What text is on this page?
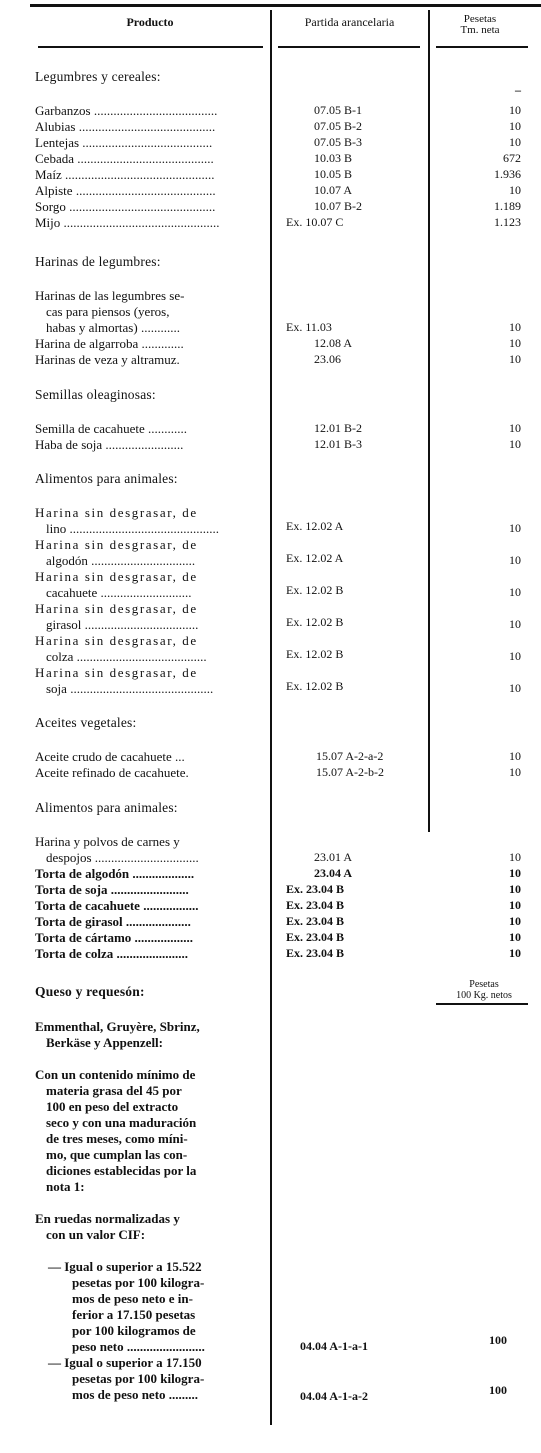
Producto	Partida arancelaria	Pesetas
Tm. neta
Legumbres y cereales:
–
Garbanzos ......................................	07.05 B-1	10
Alubias ..........................................	07.05 B-2	10
Lentejas ........................................	07.05 B-3	10
Cebada ..........................................	10.03 B	672
Maíz ..............................................	10.05 B	1.936
Alpiste ...........................................	10.07 A	10
Sorgo .............................................	10.07 B-2	1.189
Mijo ................................................	Ex. 10.07 C	1.123
Harinas de legumbres:
Harinas de las legumbres se-
cas para piensos (yeros,
habas y almortas) ............	Ex. 11.03	10
Harina de algarroba .............	12.08 A	10
Harinas de veza y altramuz.	23.06	10
Semillas oleaginosas:
Semilla de cacahuete ............	12.01 B-2	10
Haba de soja ........................	12.01 B-3	10
Alimentos para animales:
Harina sin desgrasar, de
lino ..............................................	Ex. 12.02 A	10
Harina sin desgrasar, de
algodón ................................	Ex. 12.02 A	10
Harina sin desgrasar, de
cacahuete ............................	Ex. 12.02 B	10
Harina sin desgrasar, de
girasol ...................................	Ex. 12.02 B	10
Harina sin desgrasar, de
colza ........................................	Ex. 12.02 B	10
Harina sin desgrasar, de
soja ............................................	Ex. 12.02 B	10
Aceites vegetales:
Aceite crudo de cacahuete ...	15.07 A-2-a-2	10
Aceite refinado de cacahuete.	15.07 A-2-b-2	10
Alimentos para animales:
Harina y polvos de carnes y
despojos ................................	23.01 A	10
Torta de algodón ...................	23.04 A	10
Torta de soja ........................	Ex. 23.04 B	10
Torta de cacahuete .................	Ex. 23.04 B	10
Torta de girasol ....................	Ex. 23.04 B	10
Torta de cártamo ..................	Ex. 23.04 B	10
Torta de colza ......................	Ex. 23.04 B	10
Queso y requesón:	Pesetas
100 Kg. netos
Emmenthal, Gruyère, Sbrinz,
Berkäse y Appenzell:
Con un contenido mínimo de
materia grasa del 45 por
100 en peso del extracto
seco y con una maduración
de tres meses, como míni-
mo, que cumplan las con-
diciones establecidas por la
nota 1:
En ruedas normalizadas y
con un valor CIF:
— Igual o superior a 15.522
pesetas por 100 kilogra-
mos de peso neto e in-
ferior a 17.150 pesetas
por 100 kilogramos de
peso neto ........................	04.04 A-1-a-1	100
— Igual o superior a 17.150
pesetas por 100 kilogra-
mos de peso neto .........	04.04 A-1-a-2	100
